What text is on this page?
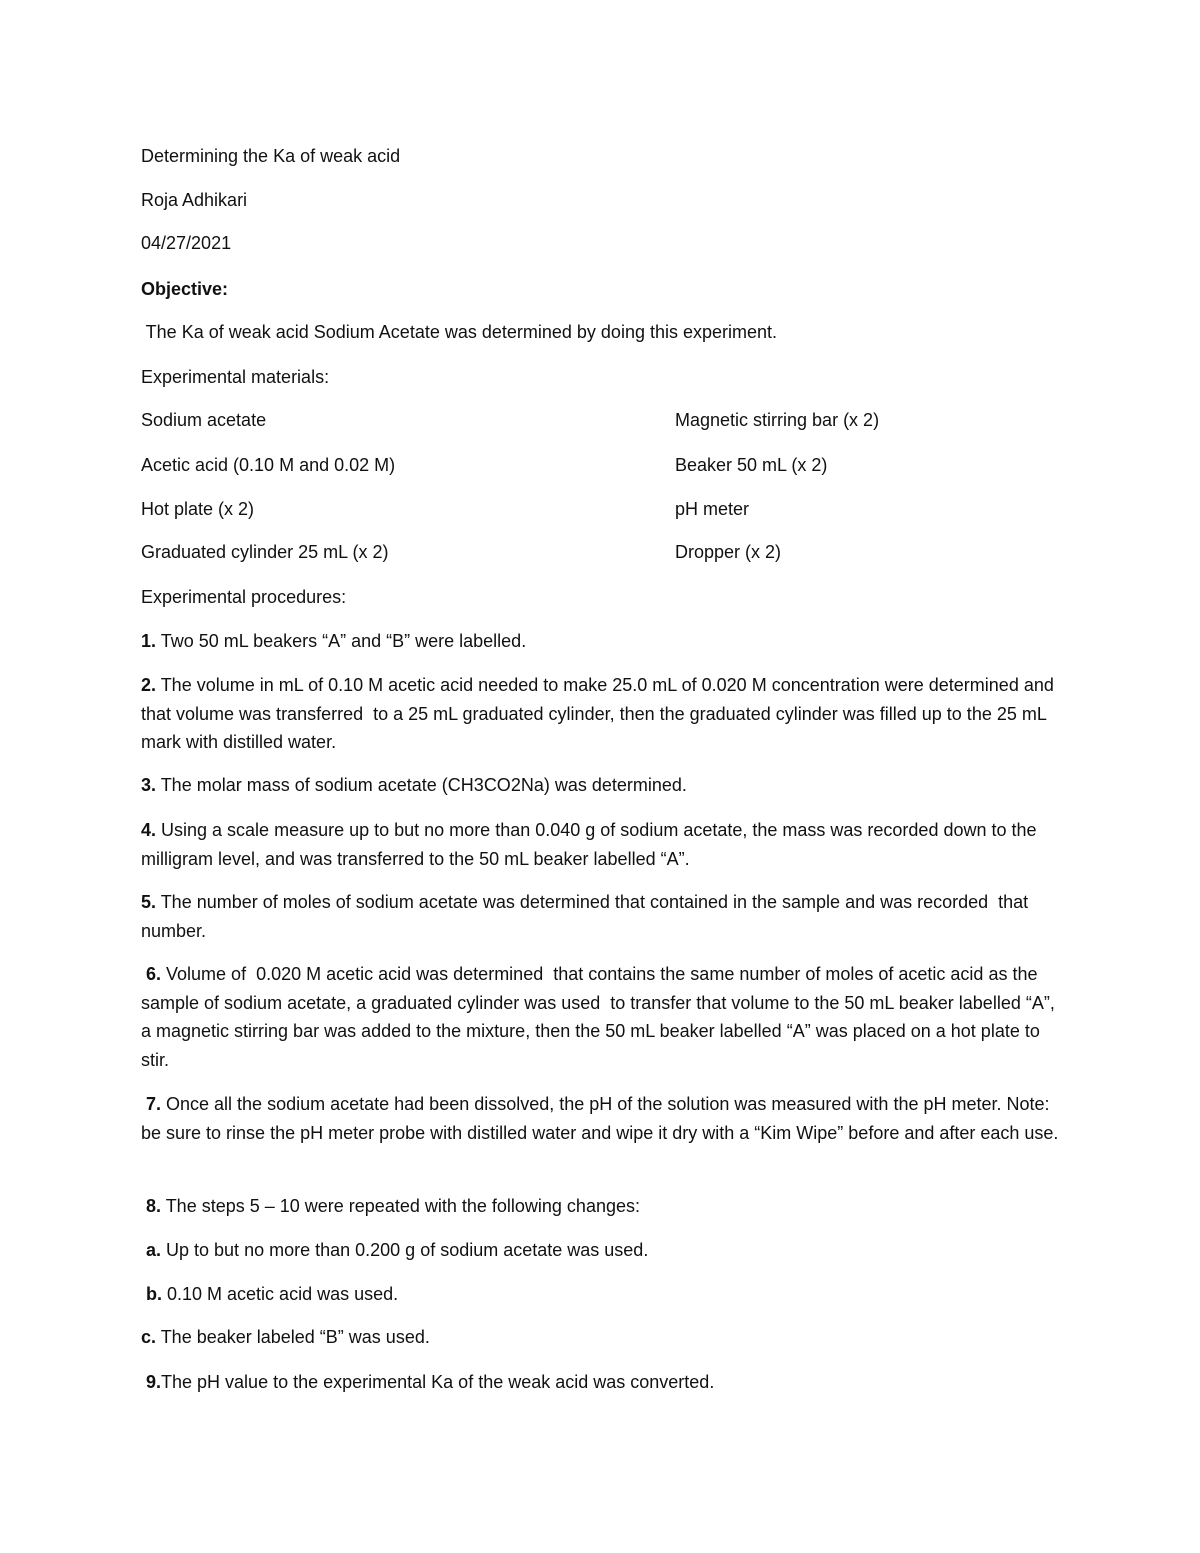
Determining the Ka of weak acid

Roja Adhikari

04/27/2021

Objective:

The Ka of weak acid Sodium Acetate was determined by doing this experiment.

Experimental materials:

Sodium acetate	Magnetic stirring bar (x 2)

Acetic acid (0.10 M and 0.02 M)	Beaker 50 mL (x 2)

Hot plate (x 2)	pH meter

Graduated cylinder 25 mL (x 2)	Dropper (x 2)

Experimental procedures:

1. Two 50 mL beakers “A” and “B” were labelled.

2. The volume in mL of 0.10 M acetic acid needed to make 25.0 mL of 0.020 M concentration were determined and that volume was transferred  to a 25 mL graduated cylinder, then the graduated cylinder was filled up to the 25 mL mark with distilled water.

3. The molar mass of sodium acetate (CH3CO2Na) was determined.

4. Using a scale measure up to but no more than 0.040 g of sodium acetate, the mass was recorded down to the milligram level, and was transferred to the 50 mL beaker labelled “A”.

5. The number of moles of sodium acetate was determined that contained in the sample and was recorded  that number.

6. Volume of  0.020 M acetic acid was determined  that contains the same number of moles of acetic acid as the sample of sodium acetate, a graduated cylinder was used  to transfer that volume to the 50 mL beaker labelled “A”, a magnetic stirring bar was added to the mixture, then the 50 mL beaker labelled “A” was placed on a hot plate to stir.

7. Once all the sodium acetate had been dissolved, the pH of the solution was measured with the pH meter. Note: be sure to rinse the pH meter probe with distilled water and wipe it dry with a “Kim Wipe” before and after each use.

8. The steps 5 – 10 were repeated with the following changes:

a. Up to but no more than 0.200 g of sodium acetate was used.

b. 0.10 M acetic acid was used.

c. The beaker labeled “B” was used.

9.The pH value to the experimental Ka of the weak acid was converted.
